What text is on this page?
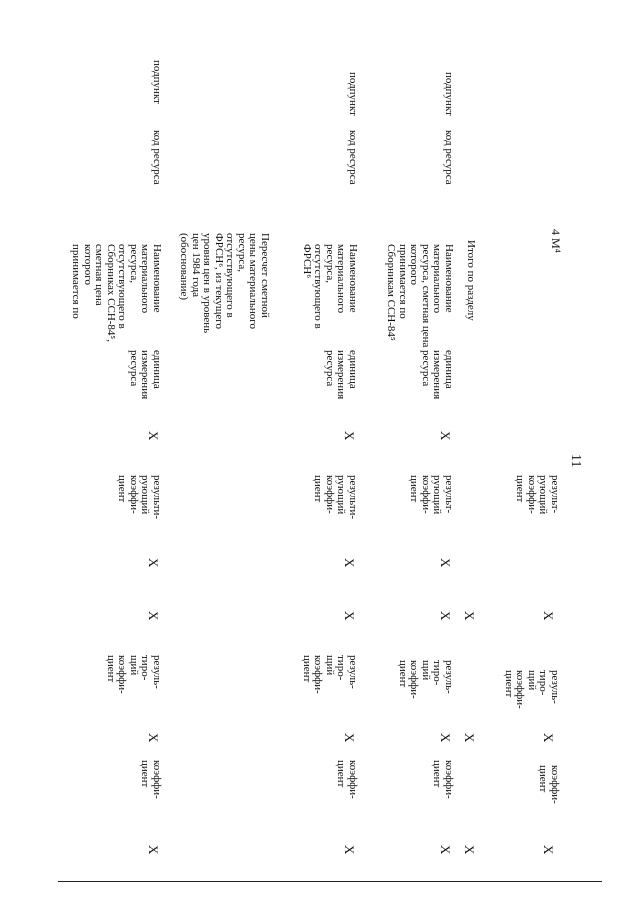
11
4 М⁴
результ-
рующий
коэффи-
циент
X
резуль-
тиро-
щий
коэффи-
циент
X
коэффи-
циент
X
Итого по разделу
X
X
X
подпункт
код ресурса
Наименование
материального
ресурса, сметная цена
которого
принимается по
Сборникам ССН-84⁵
единица
измерения
ресурса
X
результ-
рующий
коэффи-
циент
X
X
резуль-
тиро-
щий
коэффи-
циент
X
коэффи-
циент
X
подпункт
код ресурса
Наименование
материального
ресурса,
отсутствующего в
ФРСН⁶
единица
измерения
ресурса
X
результи-
рующий
коэффи-
циент
X
X
резуль-
тиро-
щий
коэффи-
циент
X
коэффи-
циент
X
Пересчет сметной
цены материального
ресурса,
отсутствующего в
ФРСН⁶, из текущего
уровня цен в уровень
цен 1984 года
(обоснование)
подпункт
код ресурса
Наименование
материального
ресурса,
отсутствующего в
Сборниках ССН-84⁵,
сметная цена
которого
принимается по
единица
измерения
ресурса
X
результи-
рующий
коэффи-
циент
X
X
резуль-
тиро-
щий
коэффи-
циент
X
коэффи-
циент
X
